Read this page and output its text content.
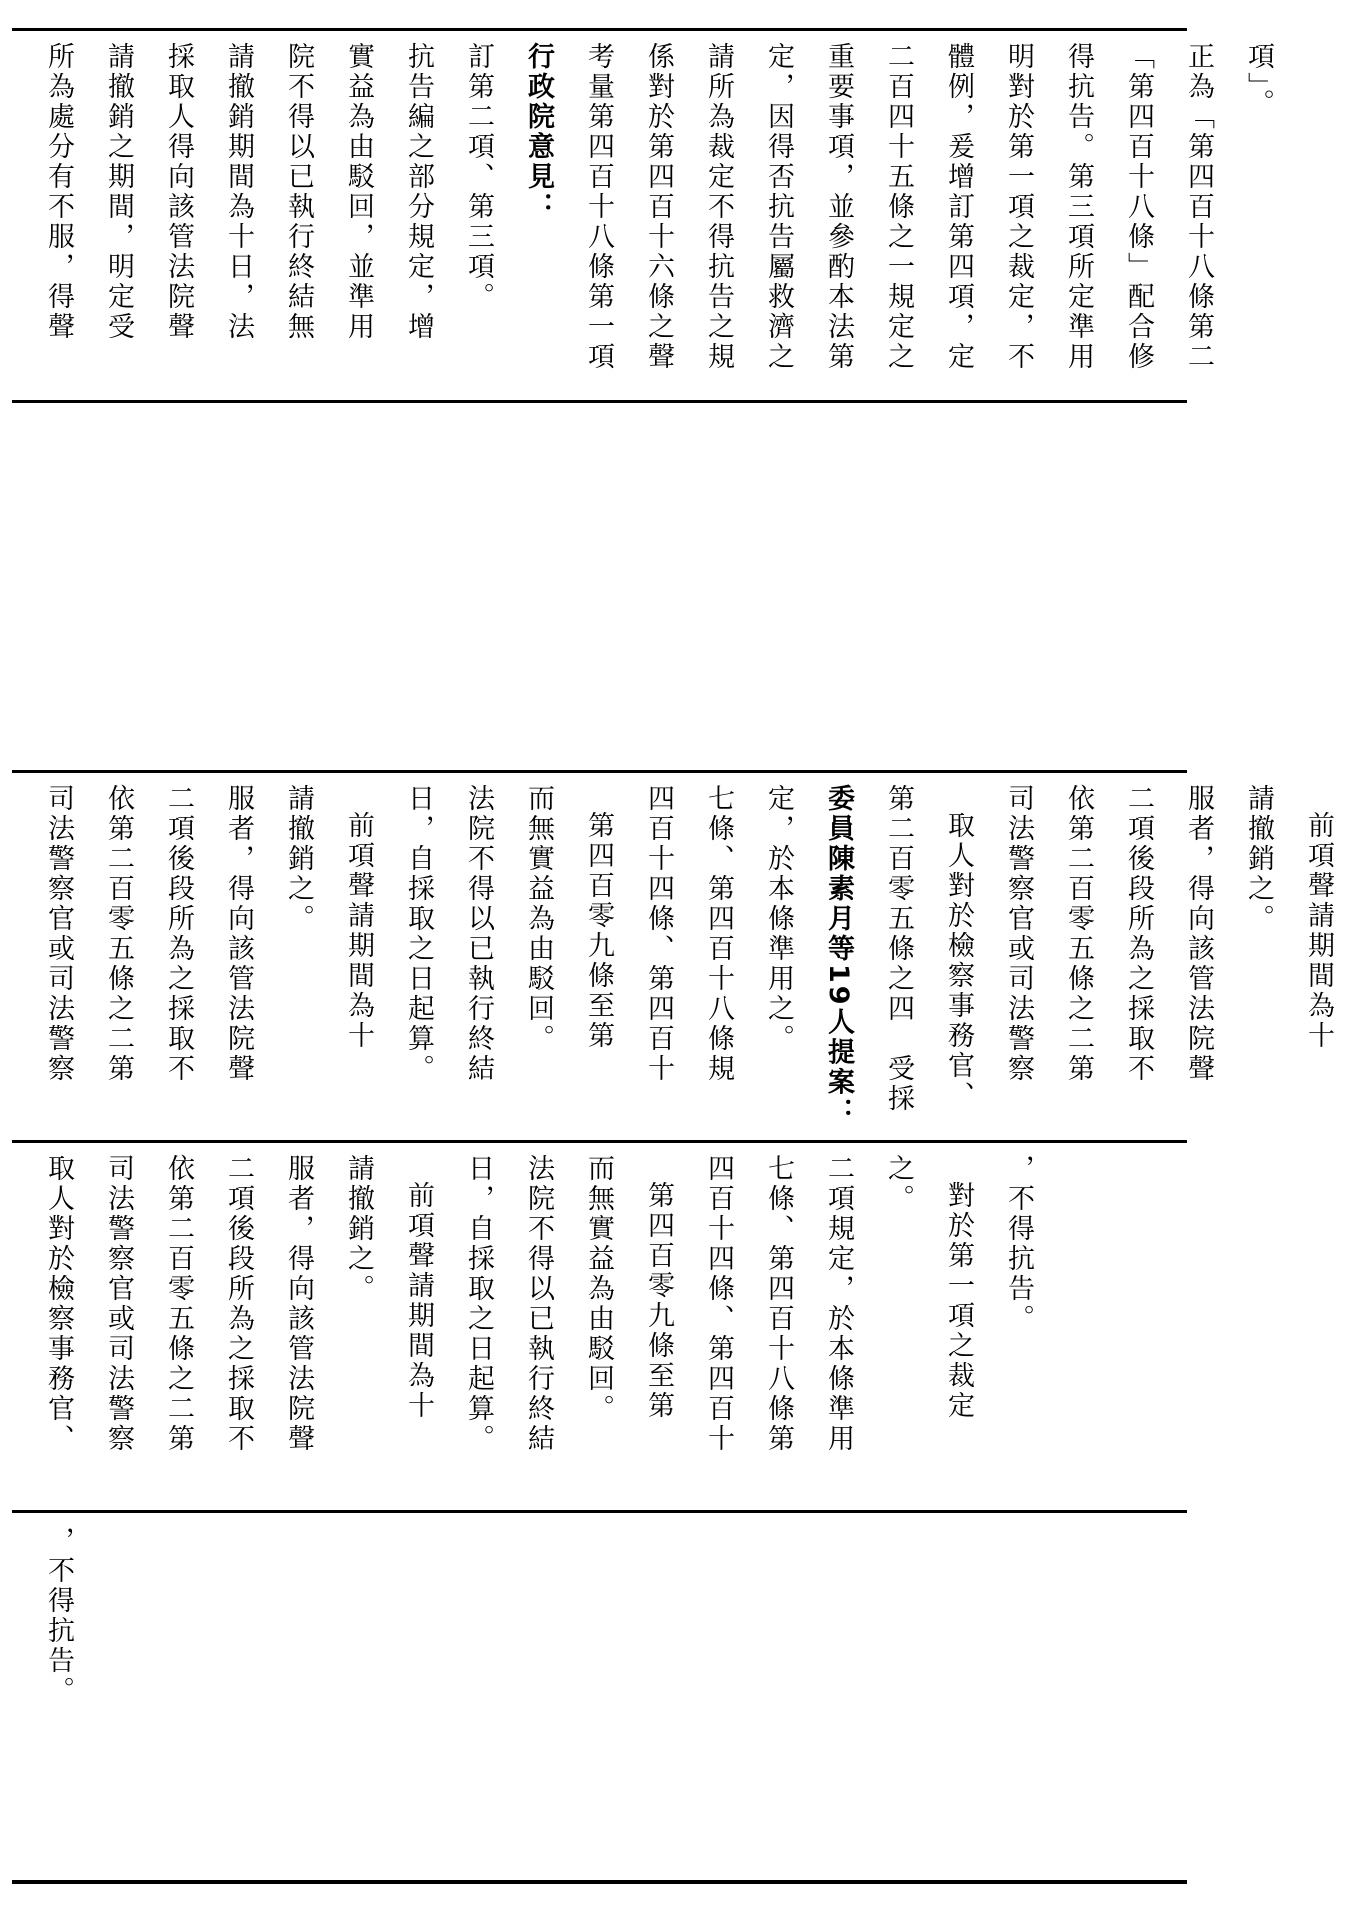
所為處分有不服，得聲	請撤銷之期間，明定受	採取人得向該管法院聲	請撤銷期間為十日，法	院不得以已執行終結無	實益為由駁回，並準用	抗告編之部分規定，增	訂第二項、第三項。	行政院意見：	考量第四百十八條第一項	係對於第四百十六條之聲	請所為裁定不得抗告之規	定，因得否抗告屬救濟之	重要事項，並參酌本法第	二百四十五條之一規定之	體例，爰增訂第四項，定	明對於第一項之裁定，不	得抗告。第三項所定準用	「第四百十八條」配合修	正為「第四百十八條第二	項」。
司法警察官或司法警察	依第二百零五條之二第	二項後段所為之採取不	服者，得向該管法院聲	請撤銷之。	前項聲請期間為十	日，自採取之日起算。	法院不得以已執行終結	而無實益為由駁回。	第四百零九條至第	四百十四條、第四百十	七條、第四百十八條規	定，於本條準用之。	委員陳素月等19人提案：	第二百零五條之四　受採	取人對於檢察事務官、	司法警察官或司法警察	依第二百零五條之二第	二項後段所為之採取不	服者，得向該管法院聲	請撤銷之。	前項聲請期間為十
取人對於檢察事務官、	司法警察官或司法警察	依第二百零五條之二第	二項後段所為之採取不	服者，得向該管法院聲	請撤銷之。	前項聲請期間為十	日，自採取之日起算。	法院不得以已執行終結	而無實益為由駁回。	第四百零九條至第	四百十四條、第四百十	七條、第四百十八條第	二項規定，於本條準用	之。	對於第一項之裁定	，不得抗告。
，不得抗告。
